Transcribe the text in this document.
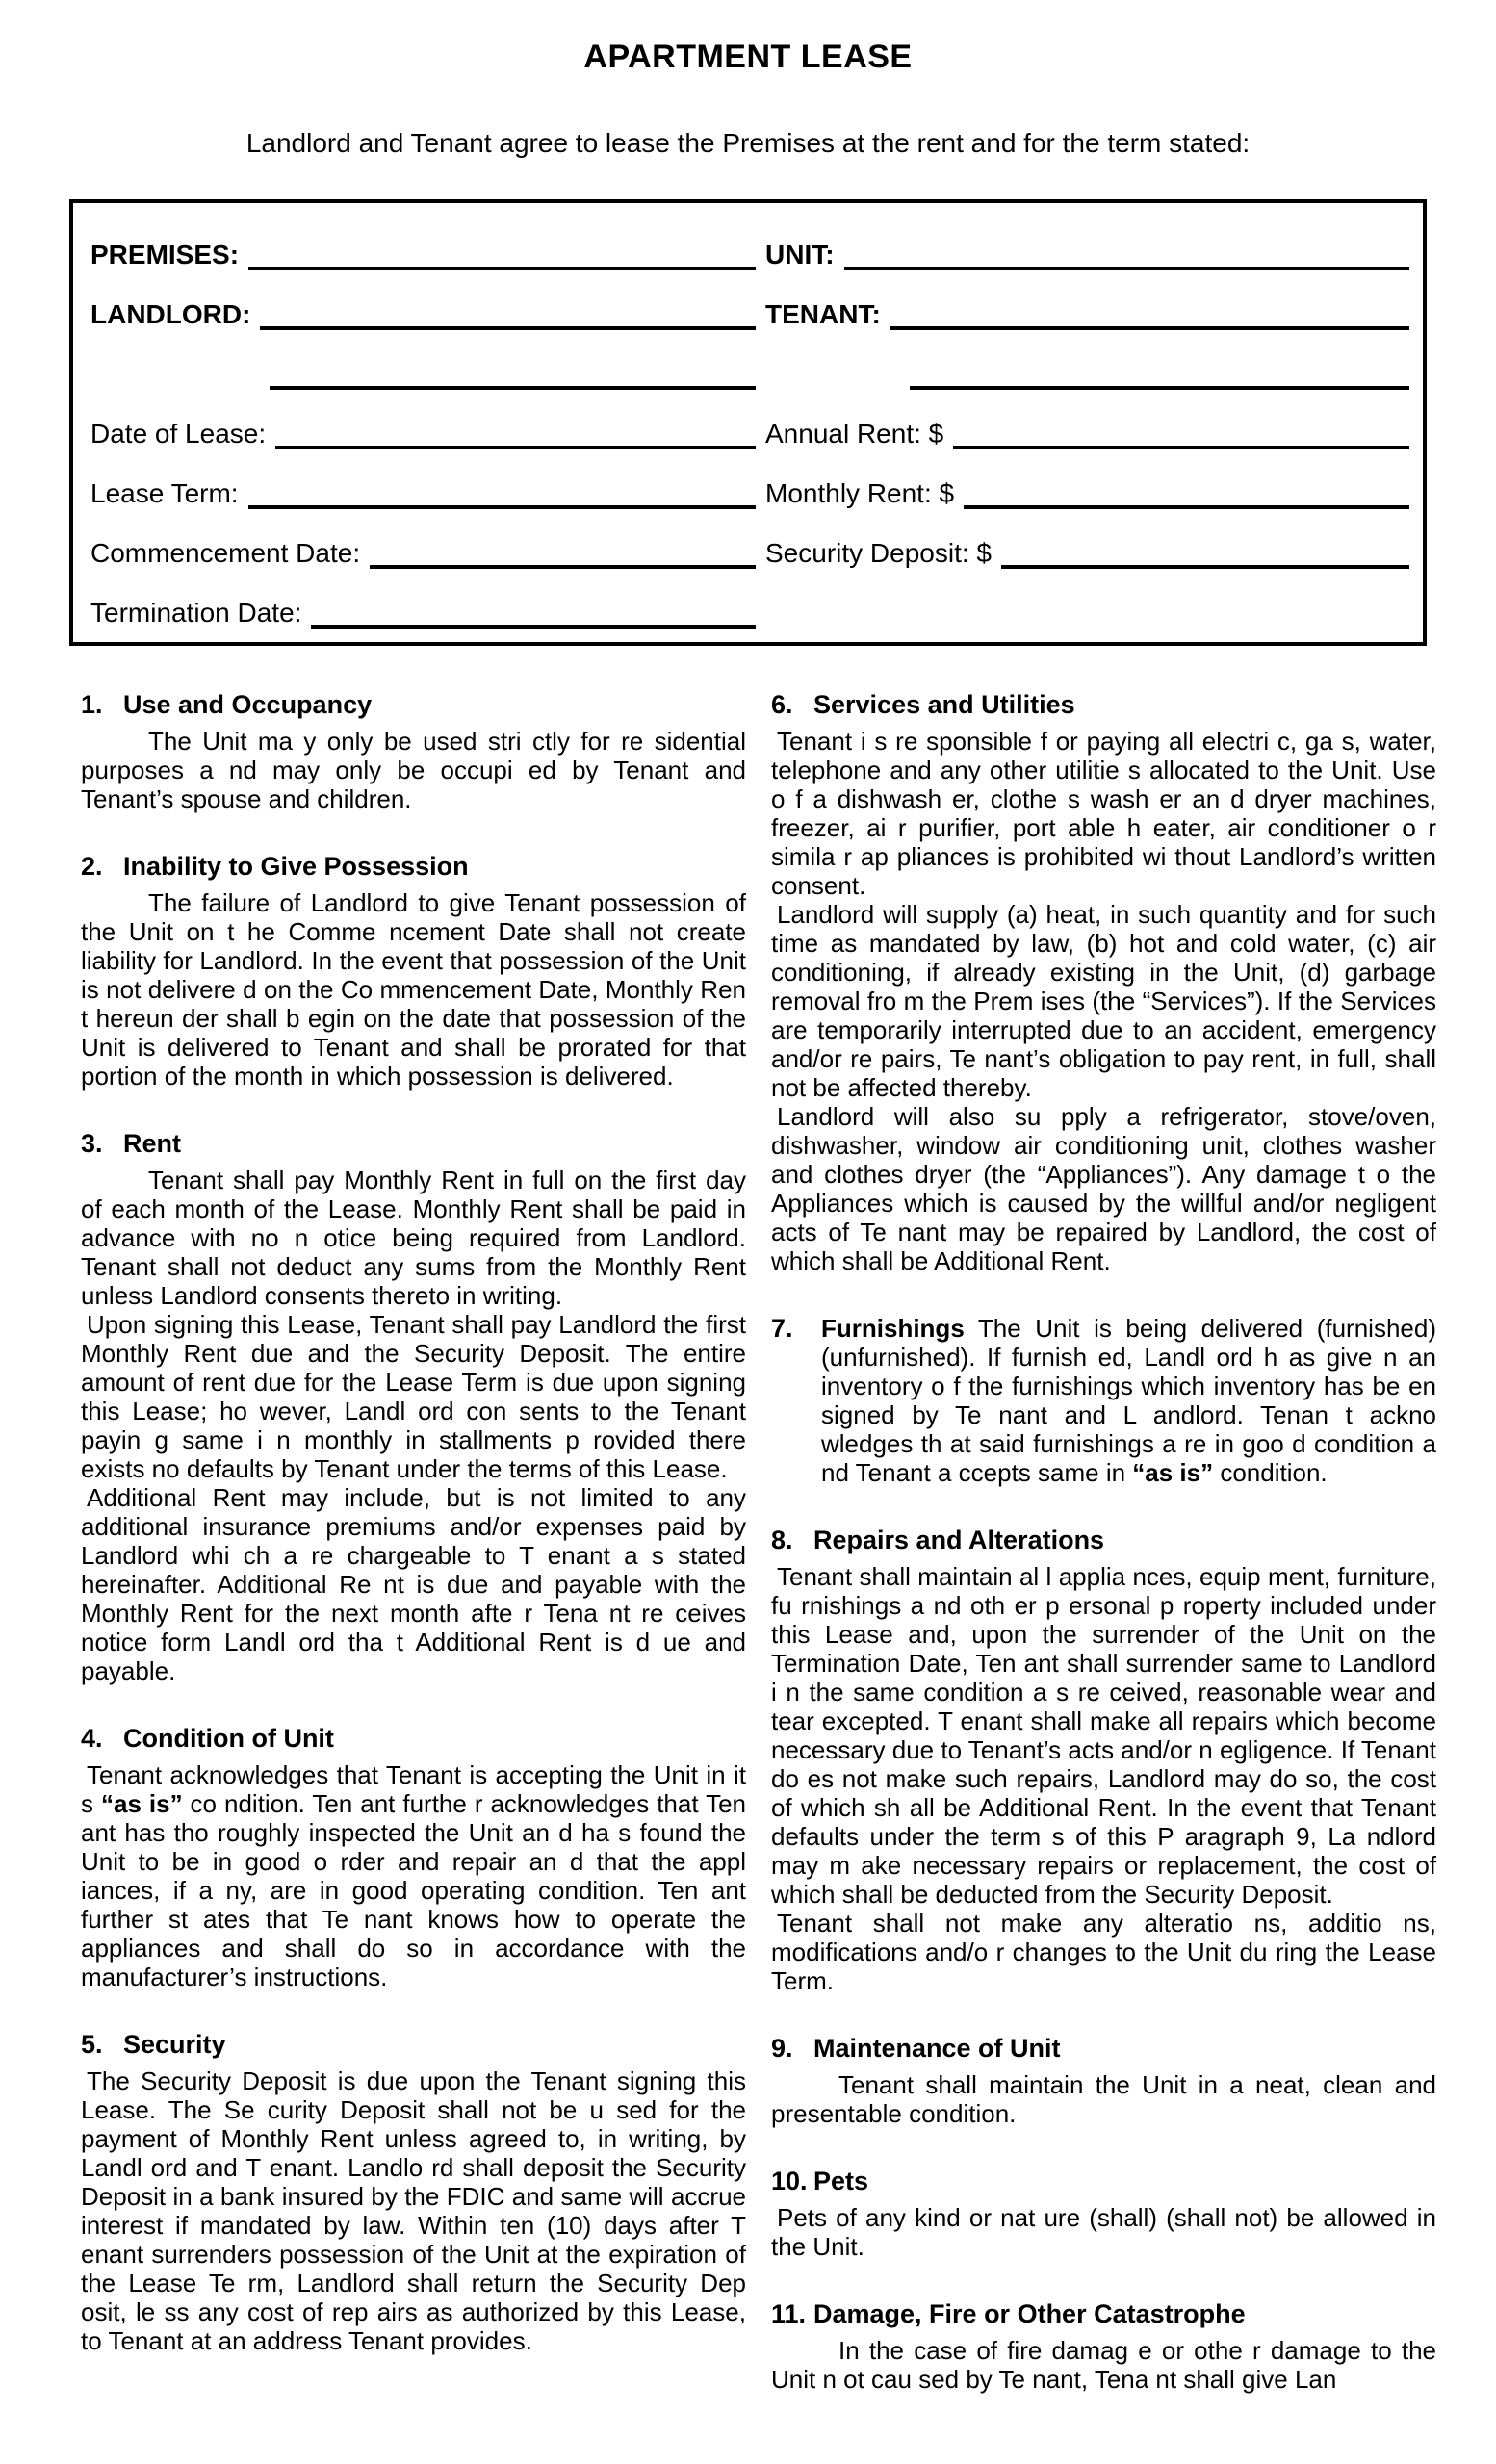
APARTMENT LEASE
Landlord and Tenant agree to lease the Premises at the rent and for the term stated:
PREMISES:	UNIT:
LANDLORD:	TENANT:
Date of Lease:	Annual Rent: $
Lease Term:	Monthly Rent: $
Commencement Date:	Security Deposit: $
Termination Date:
1. Use and Occupancy

The Unit ma y only be used stri ctly for re sidential purposes a nd may only be occupi ed by Tenant and Tenant’s spouse and children.

2. Inability to Give Possession

The failure of Landlord to give Tenant possession of the Unit on t he Comme ncement Date shall not create liability for Landlord. In the event that possession of the Unit is not delivere d on the Co mmencement Date, Monthly Ren t hereun der shall b egin on the date that possession of the Unit is delivered to Tenant and shall be prorated for that portion of the month in which possession is delivered.

3. Rent

Tenant shall pay Monthly Rent in full on the first day of each month of the Lease. Monthly Rent shall be paid in advance with no n otice being required from Landlord. Tenant shall not deduct any sums from the Monthly Rent unless Landlord consents thereto in writing.

Upon signing this Lease, Tenant shall pay Landlord the first Monthly Rent due and the Security Deposit. The entire amount of rent due for the Lease Term is due upon signing this Lease; ho wever, Landl ord con sents to the Tenant payin g same i n monthly in stallments p rovided there exists no defaults by Tenant under the terms of this Lease.

Additional Rent may include, but is not limited to any additional insurance premiums and/or expenses paid by Landlord whi ch a re chargeable to T enant a s stated hereinafter. Additional Re nt is due and payable with the Monthly Rent for the next month afte r Tena nt re ceives notice form Landl ord tha t Additional Rent is d ue and payable.

4. Condition of Unit

Tenant acknowledges that Tenant is accepting the Unit in it s “as is” co ndition. Ten ant furthe r acknowledges that Ten ant has tho roughly inspected the Unit an d ha s found the Unit to be in good o rder and repair an d that the appl iances, if a ny, are in good operating condition. Ten ant further st ates that Te nant knows how to operate the appliances and shall do so in accordance with the manufacturer’s instructions.

5. Security

The Security Deposit is due upon the Tenant signing this Lease. The Se curity Deposit shall not be u sed for the payment of Monthly Rent unless agreed to, in writing, by Landl ord and T enant. Landlo rd shall deposit the Security Deposit in a bank insured by the FDIC and same will accrue interest if mandated by law. Within ten (10) days after T enant surrenders possession of the Unit at the expiration of the Lease Te rm, Landlord shall return the Security Dep osit, le ss any cost of rep airs as authorized by this Lease, to Tenant at an address Tenant provides.

6. Services and Utilities

Tenant i s re sponsible f or paying all electri c, ga s, water, telephone and any other utilitie s allocated to the Unit. Use o f a dishwash er, clothe s wash er an d dryer machines, freezer, ai r purifier, port able h eater, air conditioner o r simila r ap pliances is prohibited wi thout Landlord’s written consent.

Landlord will supply (a) heat, in such quantity and for such time as mandated by law, (b) hot and cold water, (c) air conditioning, if already existing in the Unit, (d) garbage removal fro m the Prem ises (the “Services”). If the Services are temporarily interrupted due to an accident, emergency and/or re pairs, Te nant’s obligation to pay rent, in full, shall not be affected thereby.

Landlord will also su pply a refrigerator, stove/oven, dishwasher, window air conditioning unit, clothes washer and clothes dryer (the “Appliances”). Any damage t o the Appliances which is caused by the willful and/or negligent acts of Te nant may be repaired by Landlord, the cost of which shall be Additional Rent.

7. Furnishings The Unit is being delivered (furnished) (unfurnished). If furnish ed, Landl ord h as give n an inventory o f the furnishings which inventory has be en signed by Te nant and L andlord. Tenan t ackno wledges th at said furnishings a re in goo d condition a nd Tenant a ccepts same in “as is” condition.

8. Repairs and Alterations

Tenant shall maintain al l applia nces, equip ment, furniture, fu rnishings a nd oth er p ersonal p roperty included under this Lease and, upon the surrender of the Unit on the Termination Date, Ten ant shall surrender same to Landlord i n the same condition a s re ceived, reasonable wear and tear excepted. T enant shall make all repairs which become necessary due to Tenant’s acts and/or n egligence. If Tenant do es not make such repairs, Landlord may do so, the cost of which sh all be Additional Rent. In the event that Tenant defaults under the term s of this P aragraph 9, La ndlord may m ake necessary repairs or replacement, the cost of which shall be deducted from the Security Deposit.

Tenant shall not make any alteratio ns, additio ns, modifications and/o r changes to the Unit du ring the Lease Term.

9. Maintenance of Unit

Tenant shall maintain the Unit in a neat, clean and presentable condition.

10. Pets

Pets of any kind or nat ure (shall) (shall not) be allowed in the Unit.

11. Damage, Fire or Other Catastrophe

In the case of fire damag e or othe r damage to the Unit n ot cau sed by Te nant, Tena nt shall give Lan
